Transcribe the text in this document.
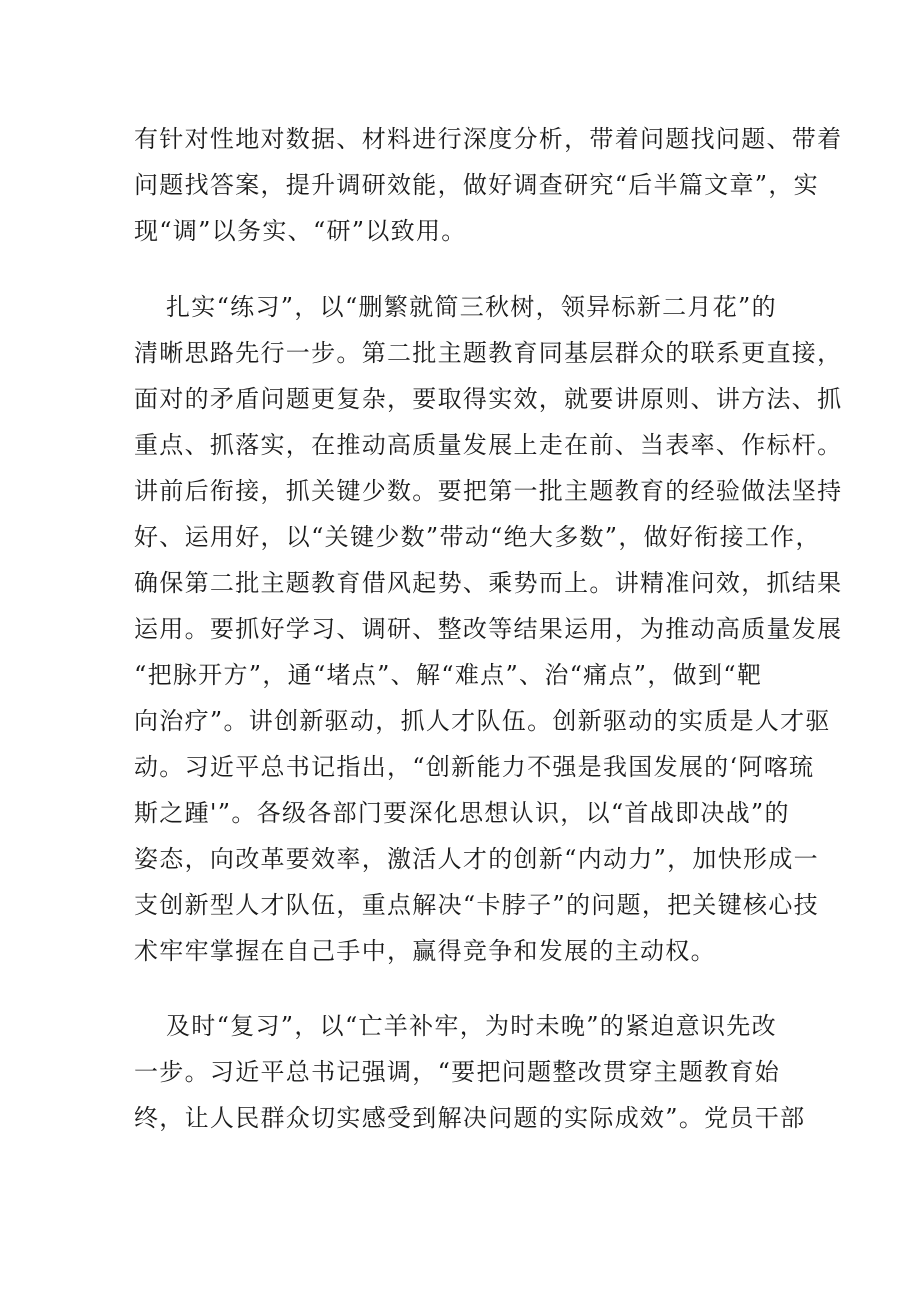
有针对性地对数据、材料进行深度分析，带着问题找问题、带着
问题找答案，提升调研效能，做好调查研究“后半篇文章”，实
现“调”以务实、“研”以致用。
扎实“练习”，以“删繁就简三秋树，领异标新二月花”的
清晰思路先行一步。第二批主题教育同基层群众的联系更直接，
面对的矛盾问题更复杂，要取得实效，就要讲原则、讲方法、抓
重点、抓落实，在推动高质量发展上走在前、当表率、作标杆。
讲前后衔接，抓关键少数。要把第一批主题教育的经验做法坚持
好、运用好，以“关键少数”带动“绝大多数”，做好衔接工作，
确保第二批主题教育借风起势、乘势而上。讲精准问效，抓结果
运用。要抓好学习、调研、整改等结果运用，为推动高质量发展
“把脉开方”，通“堵点”、解“难点”、治“痛点”，做到“靶
向治疗”。讲创新驱动，抓人才队伍。创新驱动的实质是人才驱
动。习近平总书记指出，“创新能力不强是我国发展的‘阿喀琉
斯之踵'”。各级各部门要深化思想认识，以“首战即决战”的
姿态，向改革要效率，激活人才的创新“内动力”，加快形成一
支创新型人才队伍，重点解决“卡脖子”的问题，把关键核心技
术牢牢掌握在自己手中，赢得竞争和发展的主动权。
及时“复习”，以“亡羊补牢，为时未晚”的紧迫意识先改
一步。习近平总书记强调，“要把问题整改贯穿主题教育始
终，让人民群众切实感受到解决问题的实际成效”。党员干部
